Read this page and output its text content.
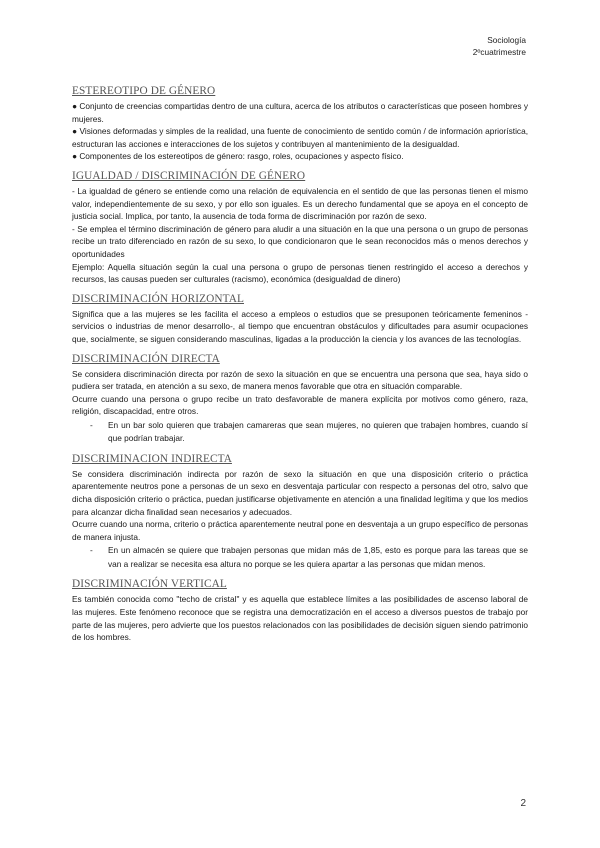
Sociología
2ºcuatrimestre
ESTEREOTIPO DE GÉNERO

● Conjunto de creencias compartidas dentro de una cultura, acerca de los atributos o características que poseen hombres y mujeres.

● Visiones deformadas y simples de la realidad, una fuente de conocimiento de sentido común / de información apriorística, estructuran las acciones e interacciones de los sujetos y contribuyen al mantenimiento de la desigualdad.

● Componentes de los estereotipos de género: rasgo, roles, ocupaciones y aspecto físico.

IGUALDAD / DISCRIMINACIÓN DE GÉNERO

- La igualdad de género se entiende como una relación de equivalencia en el sentido de que las personas tienen el mismo valor, independientemente de su sexo, y por ello son iguales. Es un derecho fundamental que se apoya en el concepto de justicia social. Implica, por tanto, la ausencia de toda forma de discriminación por razón de sexo.

- Se emplea el término discriminación de género para aludir a una situación en la que una persona o un grupo de personas recibe un trato diferenciado en razón de su sexo, lo que condicionaron que le sean reconocidos más o menos derechos y oportunidades

Ejemplo: Aquella situación según la cual una persona o grupo de personas tienen restringido el acceso a derechos y recursos, las causas pueden ser culturales (racismo), económica (desigualdad de dinero)

DISCRIMINACIÓN HORIZONTAL

Significa que a las mujeres se les facilita el acceso a empleos o estudios que se presuponen teóricamente femeninos -servicios o industrias de menor desarrollo-, al tiempo que encuentran obstáculos y dificultades para asumir ocupaciones que, socialmente, se siguen considerando masculinas, ligadas a la producción la ciencia y los avances de las tecnologías.

DISCRIMINACIÓN DIRECTA

Se considera discriminación directa por razón de sexo la situación en que se encuentra una persona que sea, haya sido o pudiera ser tratada, en atención a su sexo, de manera menos favorable que otra en situación comparable.

Ocurre cuando una persona o grupo recibe un trato desfavorable de manera explícita por motivos como género, raza, religión, discapacidad, entre otros.

-	En un bar solo quieren que trabajen camareras que sean mujeres, no quieren que trabajen hombres, cuando sí que podrían trabajar.
DISCRIMINACION INDIRECTA

Se considera discriminación indirecta por razón de sexo la situación en que una disposición criterio o práctica aparentemente neutros pone a personas de un sexo en desventaja particular con respecto a personas del otro, salvo que dicha disposición criterio o práctica, puedan justificarse objetivamente en atención a una finalidad legítima y que los medios para alcanzar dicha finalidad sean necesarios y adecuados.

Ocurre cuando una norma, criterio o práctica aparentemente neutral pone en desventaja a un grupo específico de personas de manera injusta.

-	En un almacén se quiere que trabajen personas que midan más de 1,85, esto es porque para las tareas que se van a realizar se necesita esa altura no porque se les quiera apartar a las personas que midan menos.
DISCRIMINACIÓN VERTICAL

Es también conocida como "techo de cristal" y es aquella que establece límites a las posibilidades de ascenso laboral de las mujeres. Este fenómeno reconoce que se registra una democratización en el acceso a diversos puestos de trabajo por parte de las mujeres, pero advierte que los puestos relacionados con las posibilidades de decisión siguen siendo patrimonio de los hombres.

2
